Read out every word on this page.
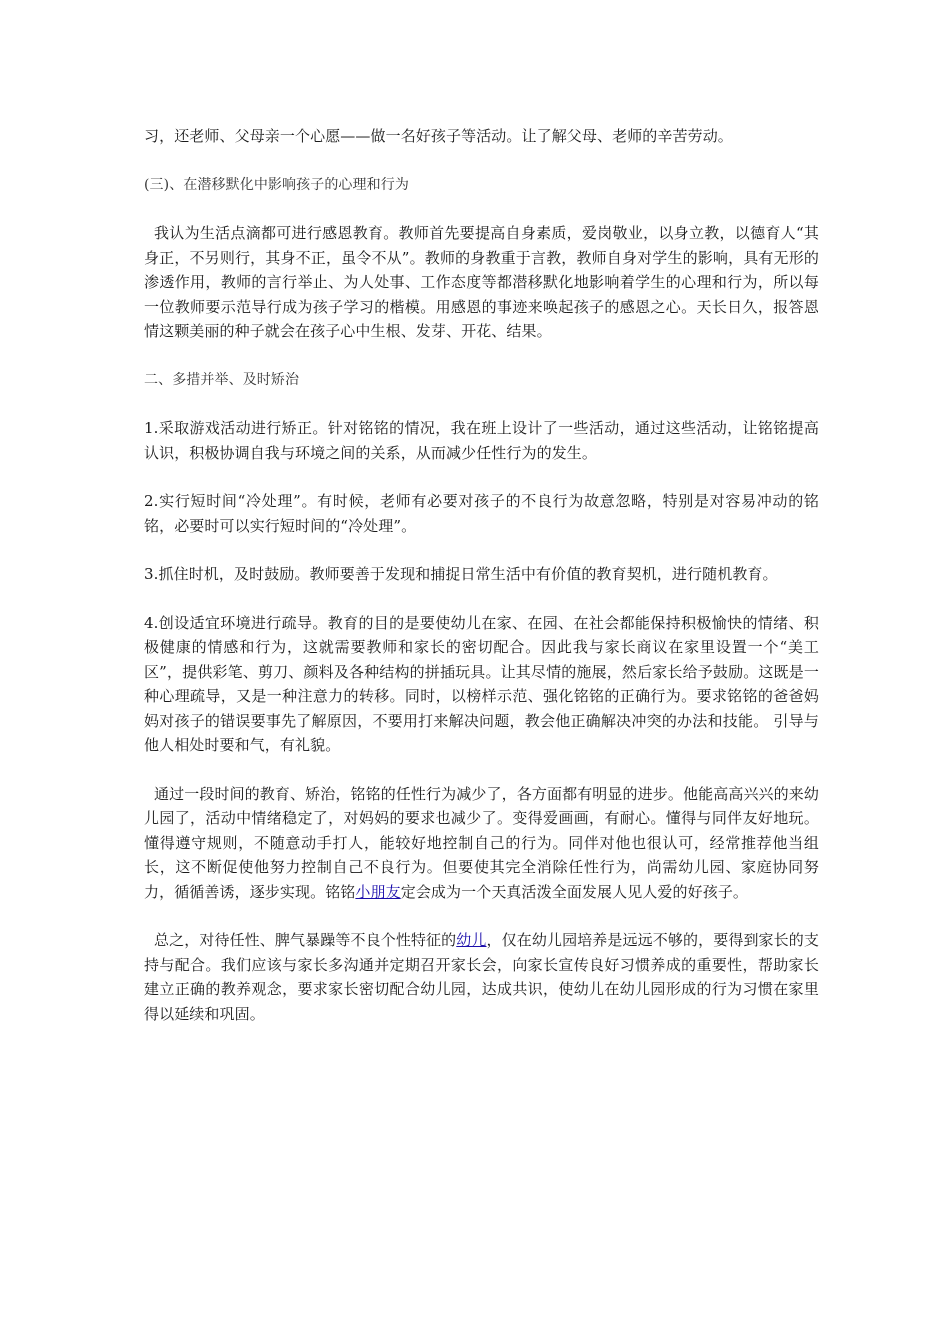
习，还老师、父母亲一个心愿——做一名好孩子等活动。让了解父母、老师的辛苦劳动。

(三)、在潜移默化中影响孩子的心理和行为

我认为生活点滴都可进行感恩教育。教师首先要提高自身素质，爱岗敬业，以身立教，以德育人“其身正，不另则行，其身不正，虽令不从”。教师的身教重于言教，教师自身对学生的影响，具有无形的渗透作用，教师的言行举止、为人处事、工作态度等都潜移默化地影响着学生的心理和行为，所以每一位教师要示范导行成为孩子学习的楷模。用感恩的事迹来唤起孩子的感恩之心。天长日久，报答恩情这颗美丽的种子就会在孩子心中生根、发芽、开花、结果。

二、多措并举、及时矫治

1.采取游戏活动进行矫正。针对铭铭的情况，我在班上设计了一些活动，通过这些活动，让铭铭提高认识，积极协调自我与环境之间的关系，从而减少任性行为的发生。

2.实行短时间“冷处理”。有时候，老师有必要对孩子的不良行为故意忽略，特别是对容易冲动的铭铭，必要时可以实行短时间的“冷处理”。

3.抓住时机，及时鼓励。教师要善于发现和捕捉日常生活中有价值的教育契机，进行随机教育。

4.创设适宜环境进行疏导。教育的目的是要使幼儿在家、在园、在社会都能保持积极愉快的情绪、积极健康的情感和行为，这就需要教师和家长的密切配合。因此我与家长商议在家里设置一个“美工区”，提供彩笔、剪刀、颜料及各种结构的拼插玩具。让其尽情的施展，然后家长给予鼓励。这既是一种心理疏导，又是一种注意力的转移。同时，以榜样示范、强化铭铭的正确行为。要求铭铭的爸爸妈妈对孩子的错误要事先了解原因，不要用打来解决问题，教会他正确解决冲突的办法和技能。 引导与他人相处时要和气，有礼貌。

通过一段时间的教育、矫治，铭铭的任性行为减少了，各方面都有明显的进步。他能高高兴兴的来幼儿园了，活动中情绪稳定了，对妈妈的要求也减少了。变得爱画画，有耐心。懂得与同伴友好地玩。懂得遵守规则，不随意动手打人，能较好地控制自己的行为。同伴对他也很认可，经常推荐他当组长，这不断促使他努力控制自己不良行为。但要使其完全消除任性行为，尚需幼儿园、家庭协同努力，循循善诱，逐步实现。铭铭小朋友定会成为一个天真活泼全面发展人见人爱的好孩子。

总之，对待任性、脾气暴躁等不良个性特征的幼儿，仅在幼儿园培养是远远不够的，要得到家长的支持与配合。我们应该与家长多沟通并定期召开家长会，向家长宣传良好习惯养成的重要性，帮助家长建立正确的教养观念，要求家长密切配合幼儿园，达成共识，使幼儿在幼儿园形成的行为习惯在家里得以延续和巩固。
